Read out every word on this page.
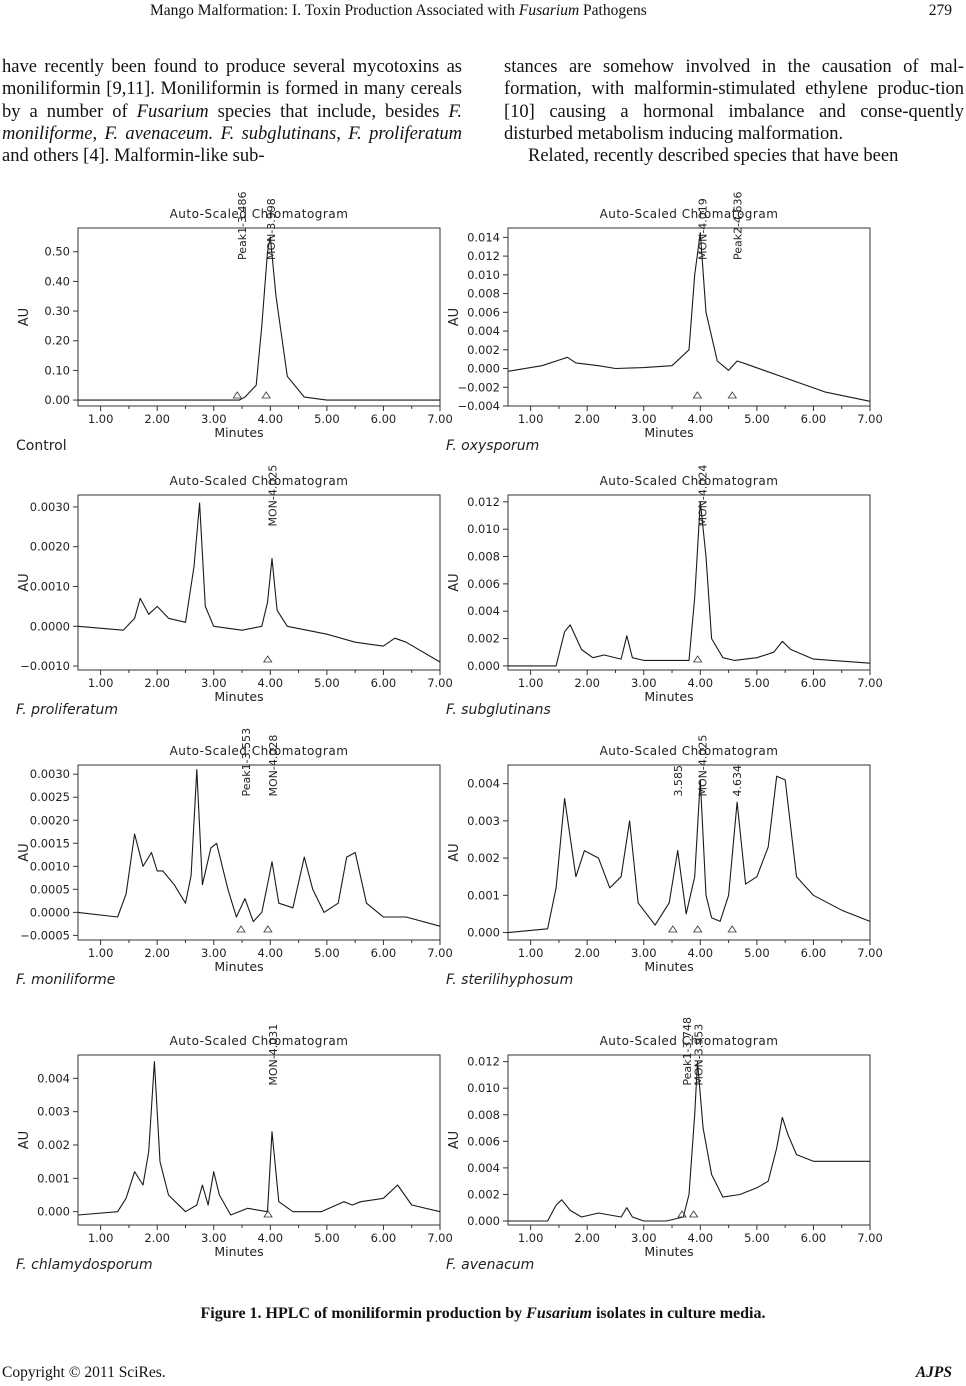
Mango Malformation: I. Toxin Production Associated with Fusarium Pathogens	279

have recently been found to produce several mycotoxins as moniliformin [9,11]. Moniliformin is formed in many cereals by a number of Fusarium species that include, besides F. moniliforme, F. avenaceum. F. subglutinans, F. proliferatum and others [4]. Malformin-like sub-

stances are somehow involved in the causation of mal-formation, with malformin-stimulated ethylene produc-tion [10] causing a hormonal imbalance and conse-quently disturbed metabolism inducing malformation.

Related, recently described species that have been

Auto-Scaled Chromatogram
0.00
0.10
0.20
0.30
0.40
0.50
1.00	2.00	3.00	4.00	5.00	6.00	7.00
Minutes
AU
Peak1-3.486 MON-3.998
Control
Auto-Scaled Chromatogram
−0.004
−0.002
0.000
0.002
0.004
0.006
0.008
0.010
0.012
0.014
1.00	2.00	3.00	4.00	5.00	6.00	7.00
Minutes
AU
MON-4.019 Peak2-4.636
F. oxysporum
Auto-Scaled Chromatogram
−0.0010
0.0000
0.0010
0.0020
0.0030
1.00	2.00	3.00	4.00	5.00	6.00	7.00
Minutes
AU
MON-4.025
F. proliferatum
Auto-Scaled Chromatogram
0.000
0.002
0.004
0.006
0.008
0.010
0.012
1.00	2.00	3.00	4.00	5.00	6.00	7.00
Minutes
AU
MON-4.024
F. subglutinans
Auto-Scaled Chromatogram
−0.0005
0.0000
0.0005
0.0010
0.0015
0.0020
0.0025
0.0030
1.00	2.00	3.00	4.00	5.00	6.00	7.00
Minutes
AU
Peak1-3.553 MON-4.028
F. moniliforme
Auto-Scaled Chromatogram
0.000
0.001
0.002
0.003
0.004
1.00	2.00	3.00	4.00	5.00	6.00	7.00
Minutes
AU
3.585 MON-4.025 4.634
F. sterilihyphosum
Auto-Scaled Chromatogram
0.000
0.001
0.002
0.003
0.004
1.00	2.00	3.00	4.00	5.00	6.00	7.00
Minutes
AU
MON-4.031
F. chlamydosporum
Auto-Scaled Chromatogram
0.000
0.002
0.004
0.006
0.008
0.010
0.012
1.00	2.00	3.00	4.00	5.00	6.00	7.00
Minutes
AU
Peak1-3.748
MON-3.953
F. avenacum
Figure 1. HPLC of moniliformin production by Fusarium isolates in culture media.
Copyright © 2011 SciRes.	AJPS
